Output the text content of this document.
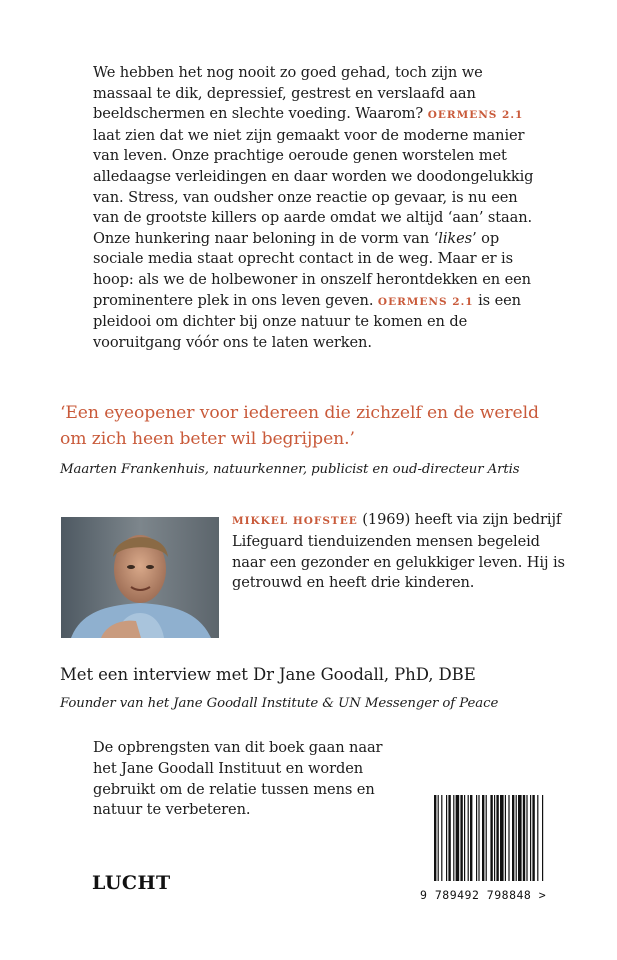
We hebben het nog nooit zo goed gehad, toch zijn we massaal te dik, depressief, gestrest en verslaafd aan beeldschermen en slechte voeding. Waarom? OERMENS 2.1 laat zien dat we niet zijn gemaakt voor de moderne manier van leven. Onze prachtige oeroude genen worstelen met alledaagse verleidingen en daar worden we doodongelukkig van. Stress, van oudsher onze reactie op gevaar, is nu een van de grootste killers op aarde omdat we altijd ‘aan’ staan. Onze hunkering naar beloning in de vorm van ‘likes’ op sociale media staat oprecht contact in de weg. Maar er is hoop: als we de holbewoner in onszelf herontdekken en een prominentere plek in ons leven geven. OERMENS 2.1 is een pleidooi om dichter bij onze natuur te komen en de vooruitgang vóór ons te laten werken.

‘Een eyeopener voor iedereen die zichzelf en de wereld om zich heen beter wil begrijpen.’
Maarten Frankenhuis, natuurkenner, publicist en oud-directeur Artis

MIKKEL HOFSTEE (1969) heeft via zijn bedrijf Lifeguard tienduizenden mensen begeleid naar een gezonder en gelukkiger leven. Hij is getrouwd en heeft drie kinderen.

Met een interview met Dr Jane Goodall, PhD, DBE
Founder van het Jane Goodall Institute & UN Messenger of Peace

De opbrengsten van dit boek gaan naar het Jane Goodall Instituut en worden gebruikt om de relatie tussen mens en natuur te verbeteren.

LUCHT
9 789492 798848 >
